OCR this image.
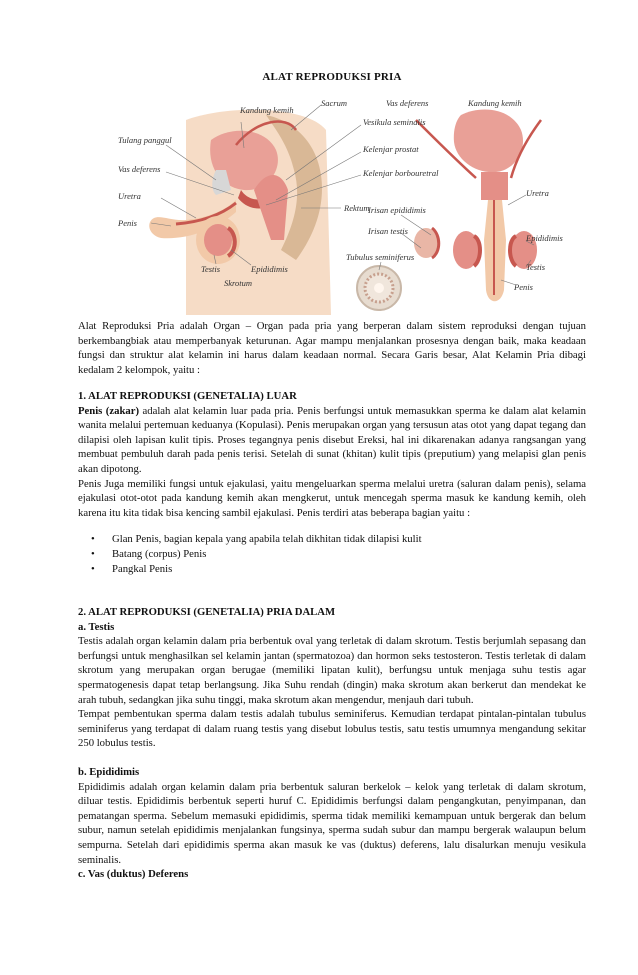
ALAT REPRODUKSI PRIA
Kandung kemih
Sacrum	Vas deferens	Kandung kemih
Tulang panggul
Vesikula seminalis
Kelenjar prostat
Kelenjar borbouretral
Vas deferens
Uretra
Rektum
Uretra
Penis
Irisan epididimis
Irisan testis
Epididimis
Testis	Epididimis	Testis
Tubulus seminiferus
Skrotum	Penis

Alat Reproduksi Pria adalah Organ – Organ pada pria yang berperan dalam sistem reproduksi dengan tujuan berkembangbiak atau memperbanyak keturunan. Agar mampu menjalankan prosesnya dengan baik, maka keadaan fungsi dan struktur alat kelamin ini harus dalam keadaan normal. Secara Garis besar, Alat Kelamin Pria dibagi kedalam 2 kelompok, yaitu :

1. ALAT REPRODUKSI (GENETALIA) LUAR

Penis (zakar) adalah alat kelamin luar pada pria. Penis berfungsi untuk memasukkan sperma ke dalam alat kelamin wanita melalui pertemuan keduanya (Kopulasi). Penis merupakan organ yang tersusun atas otot yang dapat tegang dan dilapisi oleh lapisan kulit tipis. Proses tegangnya penis disebut Ereksi, hal ini dikarenakan adanya rangsangan yang membuat pembuluh darah pada penis terisi. Setelah di sunat (khitan) kulit tipis (preputium) yang melapisi glan penis akan dipotong.

Penis Juga memiliki fungsi untuk ejakulasi, yaitu mengeluarkan sperma melalui uretra (saluran dalam penis), selama ejakulasi otot-otot pada kandung kemih akan mengkerut, untuk mencegah sperma masuk ke kandung kemih, oleh karena itu kita tidak bisa kencing sambil ejakulasi. Penis terdiri atas beberapa bagian yaitu :

• Glan Penis, bagian kepala yang apabila telah dikhitan tidak dilapisi kulit
• Batang (corpus) Penis
• Pangkal Penis

2. ALAT REPRODUKSI (GENETALIA) PRIA DALAM

a. Testis

Testis adalah organ kelamin dalam pria berbentuk oval yang terletak di dalam skrotum. Testis berjumlah sepasang dan berfungsi untuk menghasilkan sel kelamin jantan (spermatozoa) dan hormon seks testosteron. Testis terletak di dalam skrotum yang merupakan organ berugae (memiliki lipatan kulit), berfungsu untuk menjaga suhu testis agar spermatogenesis dapat tetap berlangsung. Jika Suhu rendah (dingin) maka skrotum akan berkerut dan mendekat ke arah tubuh, sedangkan jika suhu tinggi, maka skrotum akan mengendur, menjauh dari tubuh.

Tempat pembentukan sperma dalam testis adalah tubulus seminiferus. Kemudian terdapat pintalan-pintalan tubulus seminiferus yang terdapat di dalam ruang testis yang disebut lobulus testis, satu testis umumnya mengandung sekitar 250 lobulus testis.

b. Epididimis

Epididimis adalah organ kelamin dalam pria berbentuk saluran berkelok – kelok yang terletak di dalam skrotum, diluar testis. Epididimis berbentuk seperti huruf C. Epididimis berfungsi dalam pengangkutan, penyimpanan, dan pematangan sperma. Sebelum memasuki epididimis, sperma tidak memiliki kemampuan untuk bergerak dan belum subur, namun setelah epididimis menjalankan fungsinya, sperma sudah subur dan mampu bergerak walaupun belum sempurna. Setelah dari epididimis sperma akan masuk ke vas (duktus) deferens, lalu disalurkan menuju vesikula seminalis.

c. Vas (duktus) Deferens
